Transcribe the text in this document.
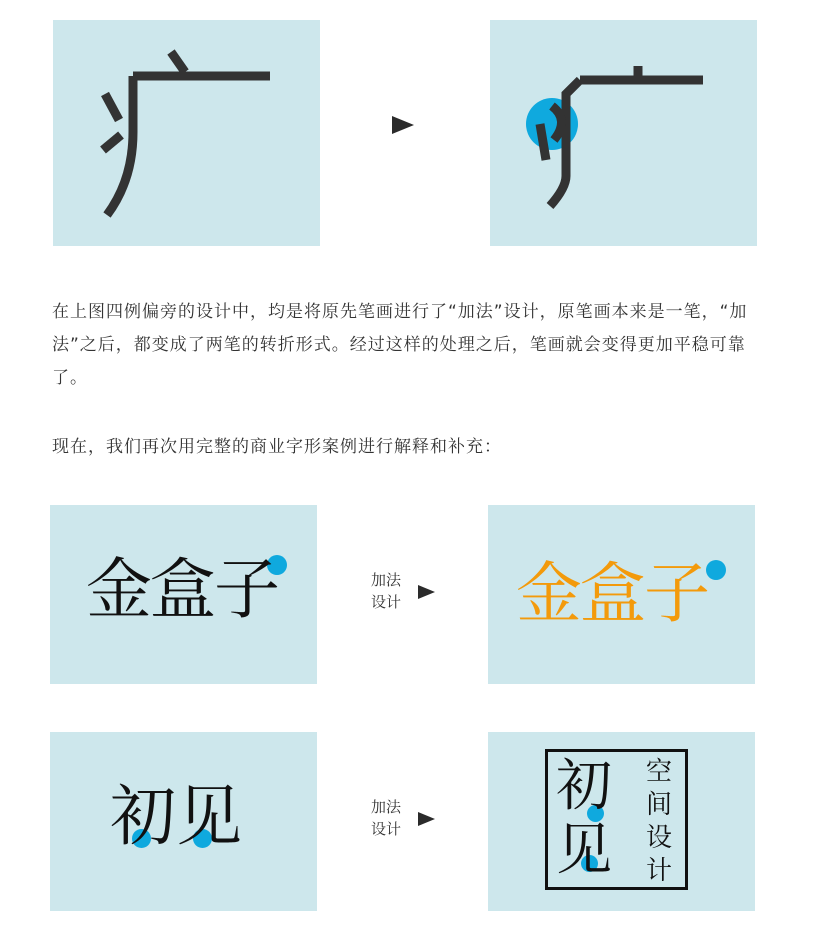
在上图四例偏旁的设计中，均是将原先笔画进行了“加法”设计，原笔画本来是一笔，“加法”之后，都变成了两笔的转折形式。经过这样的处理之后，笔画就会变得更加平稳可靠了。

现在，我们再次用完整的商业字形案例进行解释和补充：

金盒子	加法
设计 金盒子
初见	加法
设计
初
见
空
间
设
计
